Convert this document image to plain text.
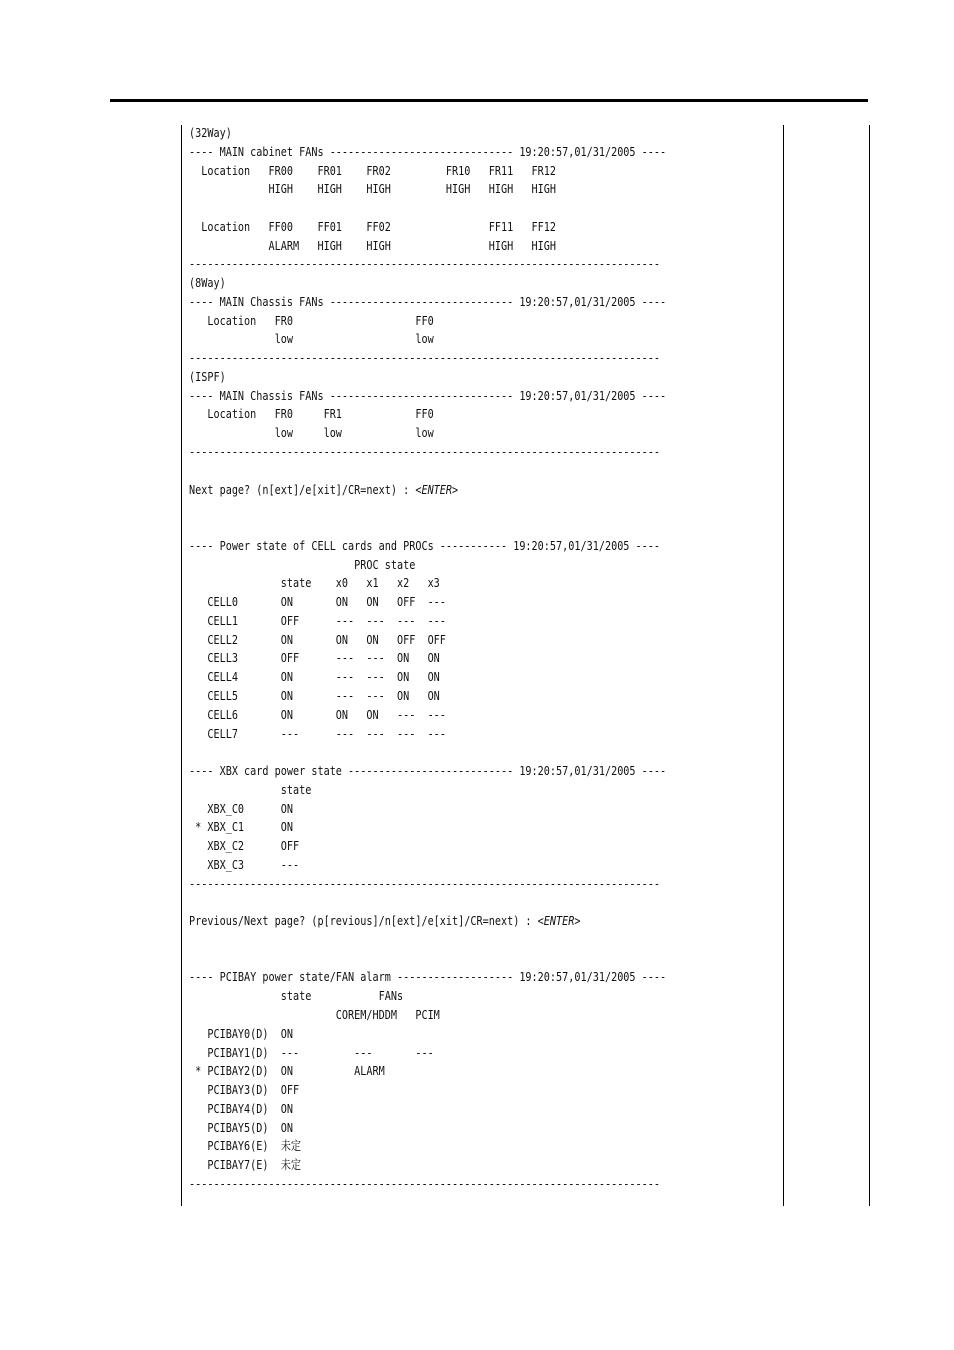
(32Way)
---- MAIN cabinet FANs ------------------------------ 19:20:57,01/31/2005 ----
Location   FR00    FR01    FR02         FR10   FR11   FR12
HIGH    HIGH    HIGH         HIGH   HIGH   HIGH
Location   FF00    FF01    FF02                FF11   FF12
ALARM   HIGH    HIGH                HIGH   HIGH
-----------------------------------------------------------------------------
(8Way)
---- MAIN Chassis FANs ------------------------------ 19:20:57,01/31/2005 ----
Location   FR0                    FF0
low                    low
-----------------------------------------------------------------------------
(ISPF)
---- MAIN Chassis FANs ------------------------------ 19:20:57,01/31/2005 ----
Location   FR0     FR1            FF0
low     low            low
-----------------------------------------------------------------------------
Next page? (n[ext]/e[xit]/CR=next) : <ENTER>

---- Power state of CELL cards and PROCs ----------- 19:20:57,01/31/2005 ----
PROC state
state    x0   x1   x2   x3
CELL0       ON       ON   ON   OFF  ---
CELL1       OFF      ---  ---  ---  ---
CELL2       ON       ON   ON   OFF  OFF
CELL3       OFF      ---  ---  ON   ON
CELL4       ON       ---  ---  ON   ON
CELL5       ON       ---  ---  ON   ON
CELL6       ON       ON   ON   ---  ---
CELL7       ---      ---  ---  ---  ---
---- XBX card power state --------------------------- 19:20:57,01/31/2005 ----
state
XBX_C0      ON
* XBX_C1      ON
XBX_C2      OFF
XBX_C3      ---
-----------------------------------------------------------------------------
Previous/Next page? (p[revious]/n[ext]/e[xit]/CR=next) : <ENTER>

---- PCIBAY power state/FAN alarm ------------------- 19:20:57,01/31/2005 ----
state           FANs
COREM/HDDM   PCIM
PCIBAY0(D)  ON
PCIBAY1(D)  ---         ---       ---
* PCIBAY2(D)  ON          ALARM
PCIBAY3(D)  OFF
PCIBAY4(D)  ON
PCIBAY5(D)  ON
PCIBAY6(E)  未定
PCIBAY7(E)  未定
-----------------------------------------------------------------------------
